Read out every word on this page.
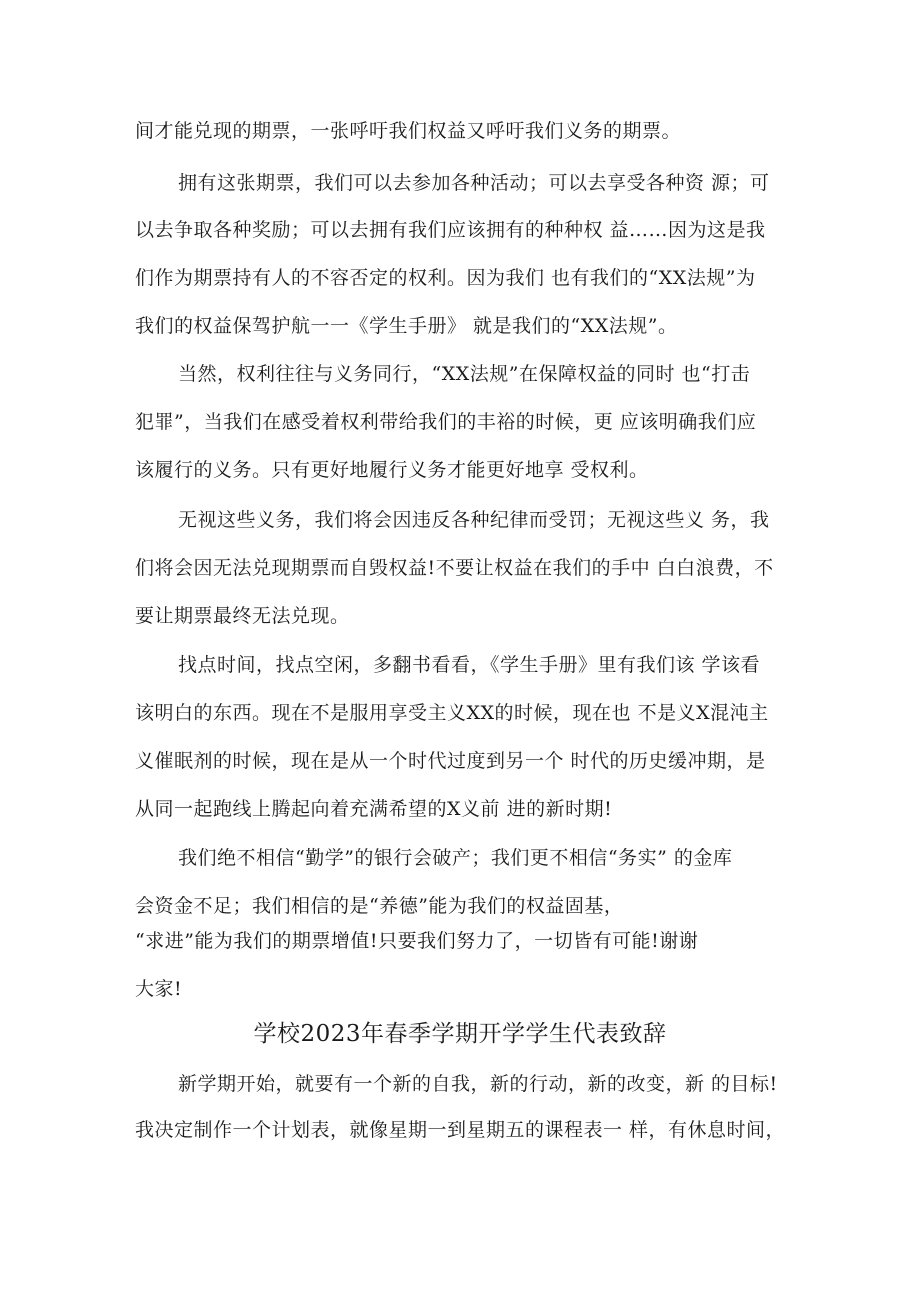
间才能兑现的期票，一张呼吁我们权益又呼吁我们义务的期票。
拥有这张期票，我们可以去参加各种活动；可以去享受各种资 源；可
以去争取各种奖励；可以去拥有我们应该拥有的种种权 益……因为这是我
们作为期票持有人的不容否定的权利。因为我们 也有我们的“XX法规”为
我们的权益保驾护航一一《学生手册》 就是我们的“XX法规”。
当然，权利往往与义务同行，“XX法规”在保障权益的同时 也“打击
犯罪”，当我们在感受着权利带给我们的丰裕的时候，更 应该明确我们应
该履行的义务。只有更好地履行义务才能更好地享 受权利。
无视这些义务，我们将会因违反各种纪律而受罚；无视这些义 务，我
们将会因无法兑现期票而自毁权益!不要让权益在我们的手中 白白浪费，不
要让期票最终无法兑现。
找点时间，找点空闲，多翻书看看，《学生手册》里有我们该 学该看
该明白的东西。现在不是服用享受主义XX的时候，现在也 不是义X混沌主
义催眠剂的时候，现在是从一个时代过度到另一个 时代的历史缓冲期，是
从同一起跑线上腾起向着充满希望的X义前 进的新时期!
我们绝不相信“勤学”的银行会破产；我们更不相信“务实” 的金库
会资金不足；我们相信的是“养德”能为我们的权益固基，
“求进”能为我们的期票增值!只要我们努力了，一切皆有可能!谢谢
大家!
学校2023年春季学期开学学生代表致辞
新学期开始，就要有一个新的自我，新的行动，新的改变，新 的目标!
我决定制作一个计划表，就像星期一到星期五的课程表一 样，有休息时间，
